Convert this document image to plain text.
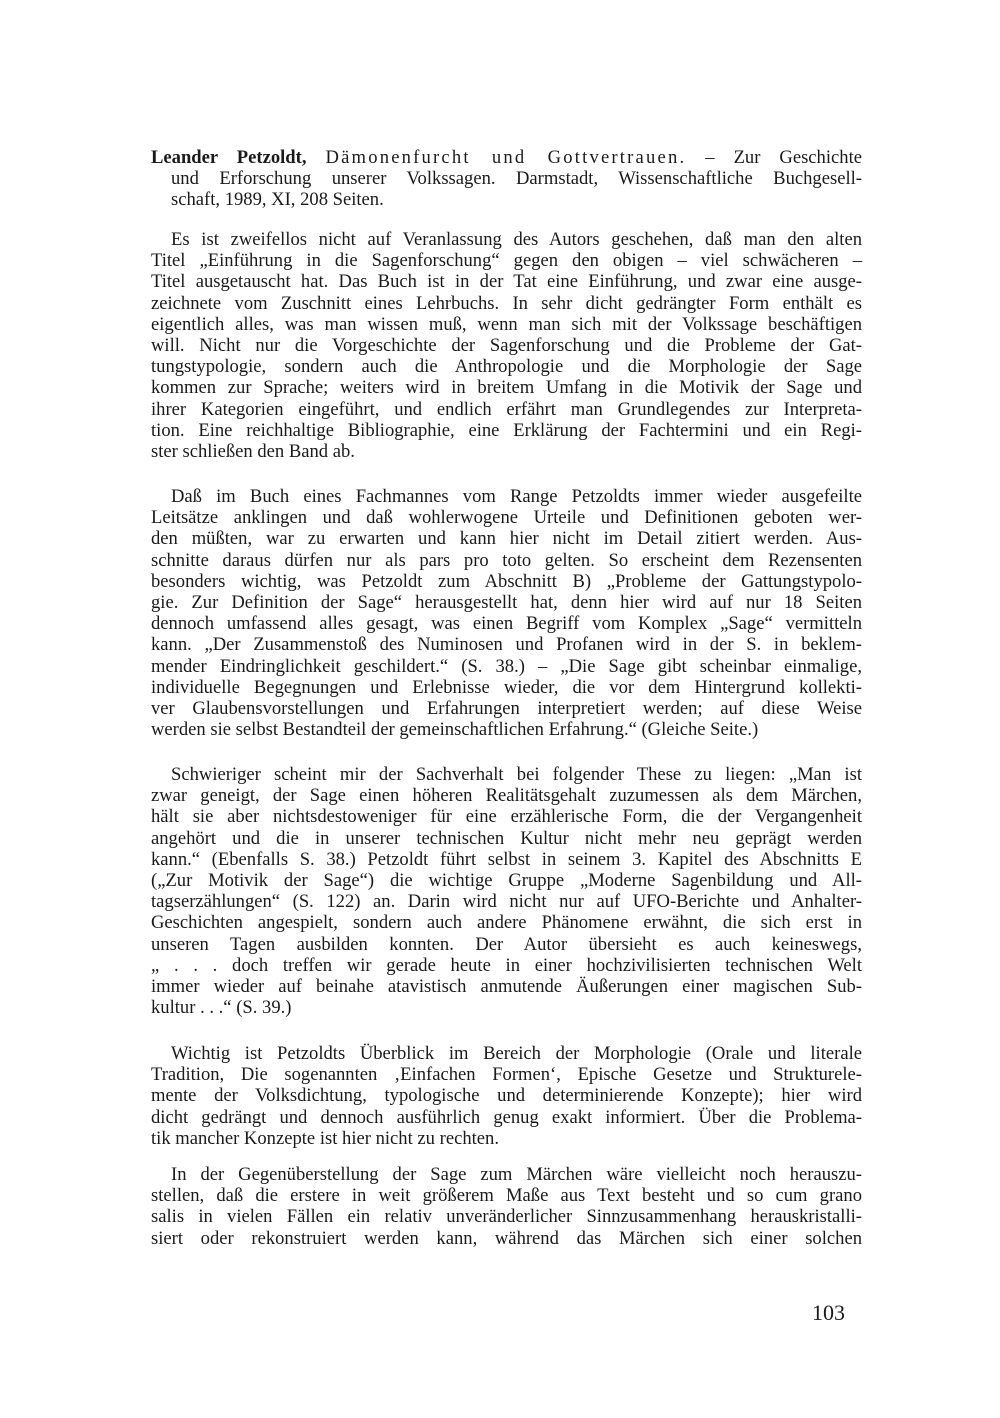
Leander Petzoldt, Dämonenfurcht und Gottvertrauen. – Zur Geschichte
und Erforschung unserer Volkssagen. Darmstadt, Wissenschaftliche Buchgesell-
schaft, 1989, XI, 208 Seiten.
Es ist zweifellos nicht auf Veranlassung des Autors geschehen, daß man den alten
Titel „Einführung in die Sagenforschung“ gegen den obigen – viel schwächeren –
Titel ausgetauscht hat. Das Buch ist in der Tat eine Einführung, und zwar eine ausge-
zeichnete vom Zuschnitt eines Lehrbuchs. In sehr dicht gedrängter Form enthält es
eigentlich alles, was man wissen muß, wenn man sich mit der Volkssage beschäftigen
will. Nicht nur die Vorgeschichte der Sagenforschung und die Probleme der Gat-
tungstypologie, sondern auch die Anthropologie und die Morphologie der Sage
kommen zur Sprache; weiters wird in breitem Umfang in die Motivik der Sage und
ihrer Kategorien eingeführt, und endlich erfährt man Grundlegendes zur Interpreta-
tion. Eine reichhaltige Bibliographie, eine Erklärung der Fachtermini und ein Regi-
ster schließen den Band ab.
Daß im Buch eines Fachmannes vom Range Petzoldts immer wieder ausgefeilte
Leitsätze anklingen und daß wohlerwogene Urteile und Definitionen geboten wer-
den müßten, war zu erwarten und kann hier nicht im Detail zitiert werden. Aus-
schnitte daraus dürfen nur als pars pro toto gelten. So erscheint dem Rezensenten
besonders wichtig, was Petzoldt zum Abschnitt B) „Probleme der Gattungstypolo-
gie. Zur Definition der Sage“ herausgestellt hat, denn hier wird auf nur 18 Seiten
dennoch umfassend alles gesagt, was einen Begriff vom Komplex „Sage“ vermitteln
kann. „Der Zusammenstoß des Numinosen und Profanen wird in der S. in beklem-
mender Eindringlichkeit geschildert.“ (S. 38.) – „Die Sage gibt scheinbar einmalige,
individuelle Begegnungen und Erlebnisse wieder, die vor dem Hintergrund kollekti-
ver Glaubensvorstellungen und Erfahrungen interpretiert werden; auf diese Weise
werden sie selbst Bestandteil der gemeinschaftlichen Erfahrung.“ (Gleiche Seite.)
Schwieriger scheint mir der Sachverhalt bei folgender These zu liegen: „Man ist
zwar geneigt, der Sage einen höheren Realitätsgehalt zuzumessen als dem Märchen,
hält sie aber nichtsdestoweniger für eine erzählerische Form, die der Vergangenheit
angehört und die in unserer technischen Kultur nicht mehr neu geprägt werden
kann.“ (Ebenfalls S. 38.) Petzoldt führt selbst in seinem 3. Kapitel des Abschnitts E
(„Zur Motivik der Sage“) die wichtige Gruppe „Moderne Sagenbildung und All-
tagserzählungen“ (S. 122) an. Darin wird nicht nur auf UFO-Berichte und Anhalter-
Geschichten angespielt, sondern auch andere Phänomene erwähnt, die sich erst in
unseren Tagen ausbilden konnten. Der Autor übersieht es auch keineswegs,
„ . . . doch treffen wir gerade heute in einer hochzivilisierten technischen Welt
immer wieder auf beinahe atavistisch anmutende Äußerungen einer magischen Sub-
kultur . . .“ (S. 39.)
Wichtig ist Petzoldts Überblick im Bereich der Morphologie (Orale und literale
Tradition, Die sogenannten ‚Einfachen Formen‘, Epische Gesetze und Strukturele-
mente der Volksdichtung, typologische und determinierende Konzepte); hier wird
dicht gedrängt und dennoch ausführlich genug exakt informiert. Über die Problema-
tik mancher Konzepte ist hier nicht zu rechten.
In der Gegenüberstellung der Sage zum Märchen wäre vielleicht noch herauszu-
stellen, daß die erstere in weit größerem Maße aus Text besteht und so cum grano
salis in vielen Fällen ein relativ unveränderlicher Sinnzusammenhang herauskristalli-
siert oder rekonstruiert werden kann, während das Märchen sich einer solchen
103
